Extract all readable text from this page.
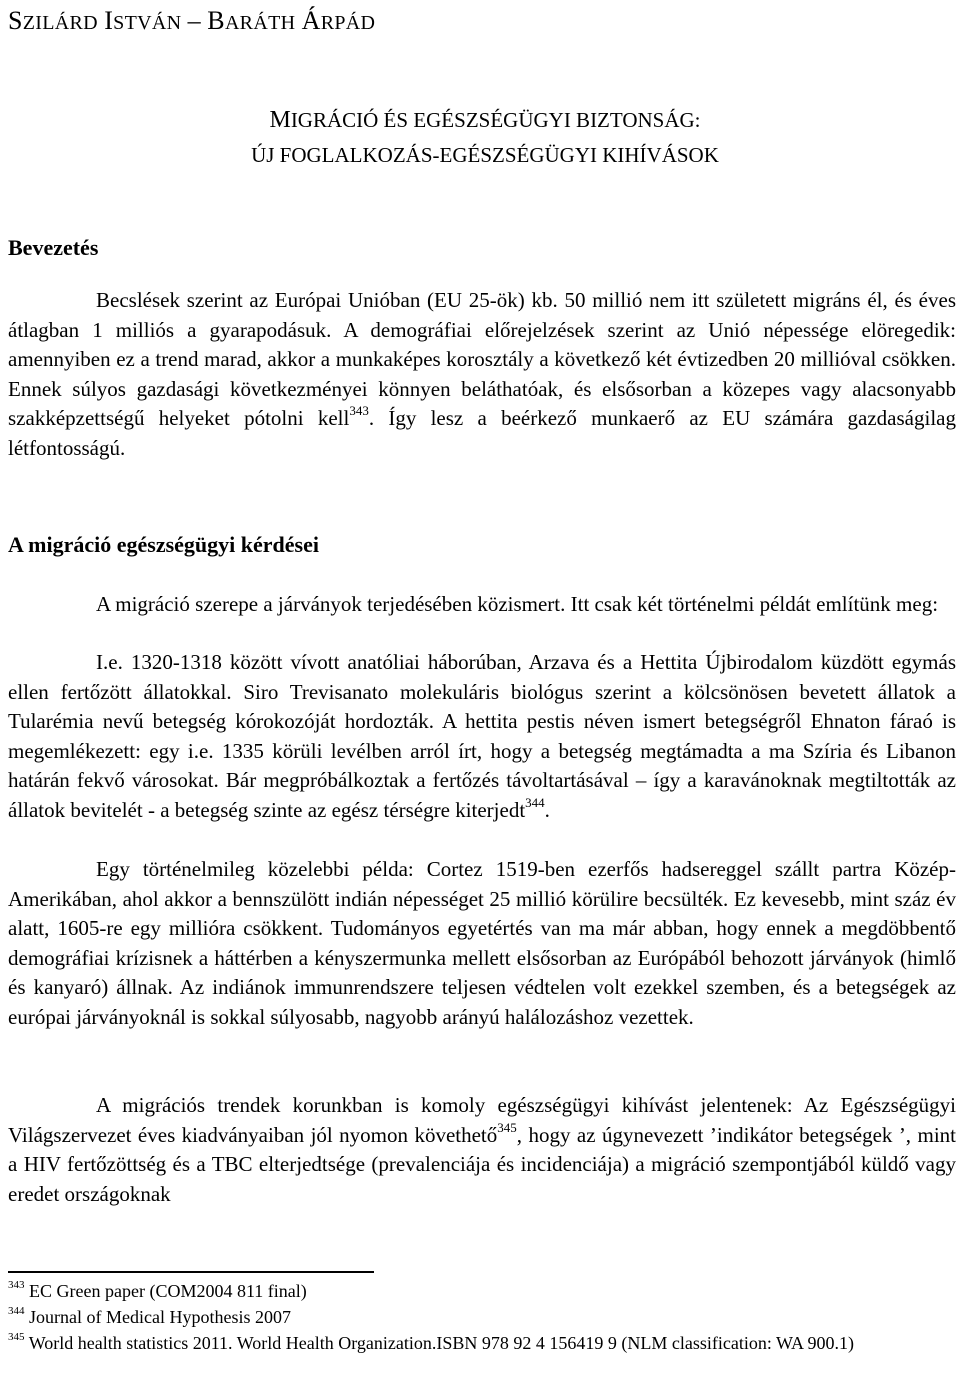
SZILÁRD ISTVÁN – BARÁTH ÁRPÁD
MIGRÁCIÓ ÉS EGÉSZSÉGÜGYI BIZTONSÁG:
ÚJ FOGLALKOZÁS-EGÉSZSÉGÜGYI KIHÍVÁSOK
Bevezetés

Becslések szerint az Európai Unióban (EU 25-ök) kb. 50 millió nem itt született migráns él, és éves átlagban 1 milliós a gyarapodásuk. A demográfiai előrejelzések szerint az Unió népessége elöregedik: amennyiben ez a trend marad, akkor a munkaképes korosztály a következő két évtizedben 20 millióval csökken. Ennek súlyos gazdasági következményei könnyen beláthatóak, és elsősorban a közepes vagy alacsonyabb szakképzettségű helyeket pótolni kell$^{343}$. Így lesz a beérkező munkaerő az EU számára gazdaságilag létfontosságú.

A migráció egészségügyi kérdései

A migráció szerepe a járványok terjedésében közismert. Itt csak két történelmi példát említünk meg:

I.e. 1320-1318 között vívott anatóliai háborúban, Arzava és a Hettita Újbirodalom küzdött egymás ellen fertőzött állatokkal. Siro Trevisanato molekuláris biológus szerint a kölcsönösen bevetett állatok a Tularémia nevű betegség kórokozóját hordozták. A hettita pestis néven ismert betegségről Ehnaton fáraó is megemlékezett: egy i.e. 1335 körüli levélben arról írt, hogy a betegség megtámadta a ma Szíria és Libanon határán fekvő városokat. Bár megpróbálkoztak a fertőzés távoltartásával – így a karavánoknak megtiltották az állatok bevitelét - a betegség szinte az egész térségre kiterjedt$^{344}$.

Egy történelmileg közelebbi példa: Cortez 1519-ben ezerfős hadsereggel szállt partra Közép-Amerikában, ahol akkor a bennszülött indián népességet 25 millió körülire becsülték. Ez kevesebb, mint száz év alatt, 1605-re egy millióra csökkent. Tudományos egyetértés van ma már abban, hogy ennek a megdöbbentő demográfiai krízisnek a háttérben a kényszermunka mellett elsősorban az Európából behozott járványok (himlő és kanyaró) állnak. Az indiánok immunrendszere teljesen védtelen volt ezekkel szemben, és a betegségek az európai járványoknál is sokkal súlyosabb, nagyobb arányú halálozáshoz vezettek.

A migrációs trendek korunkban is komoly egészségügyi kihívást jelentenek: Az Egészségügyi Világszervezet éves kiadványaiban jól nyomon követhető$^{345}$, hogy az úgynevezett ’indikátor betegségek ’, mint a HIV fertőzöttség és a TBC elterjedtsége (prevalenciája és incidenciája) a migráció szempontjából küldő vagy eredet országoknak

$^{343}$ EC Green paper (COM2004 811 final)

$^{344}$ Journal of Medical Hypothesis 2007

$^{345}$ World health statistics 2011. World Health Organization.ISBN 978 92 4 156419 9 (NLM classification: WA 900.1)
